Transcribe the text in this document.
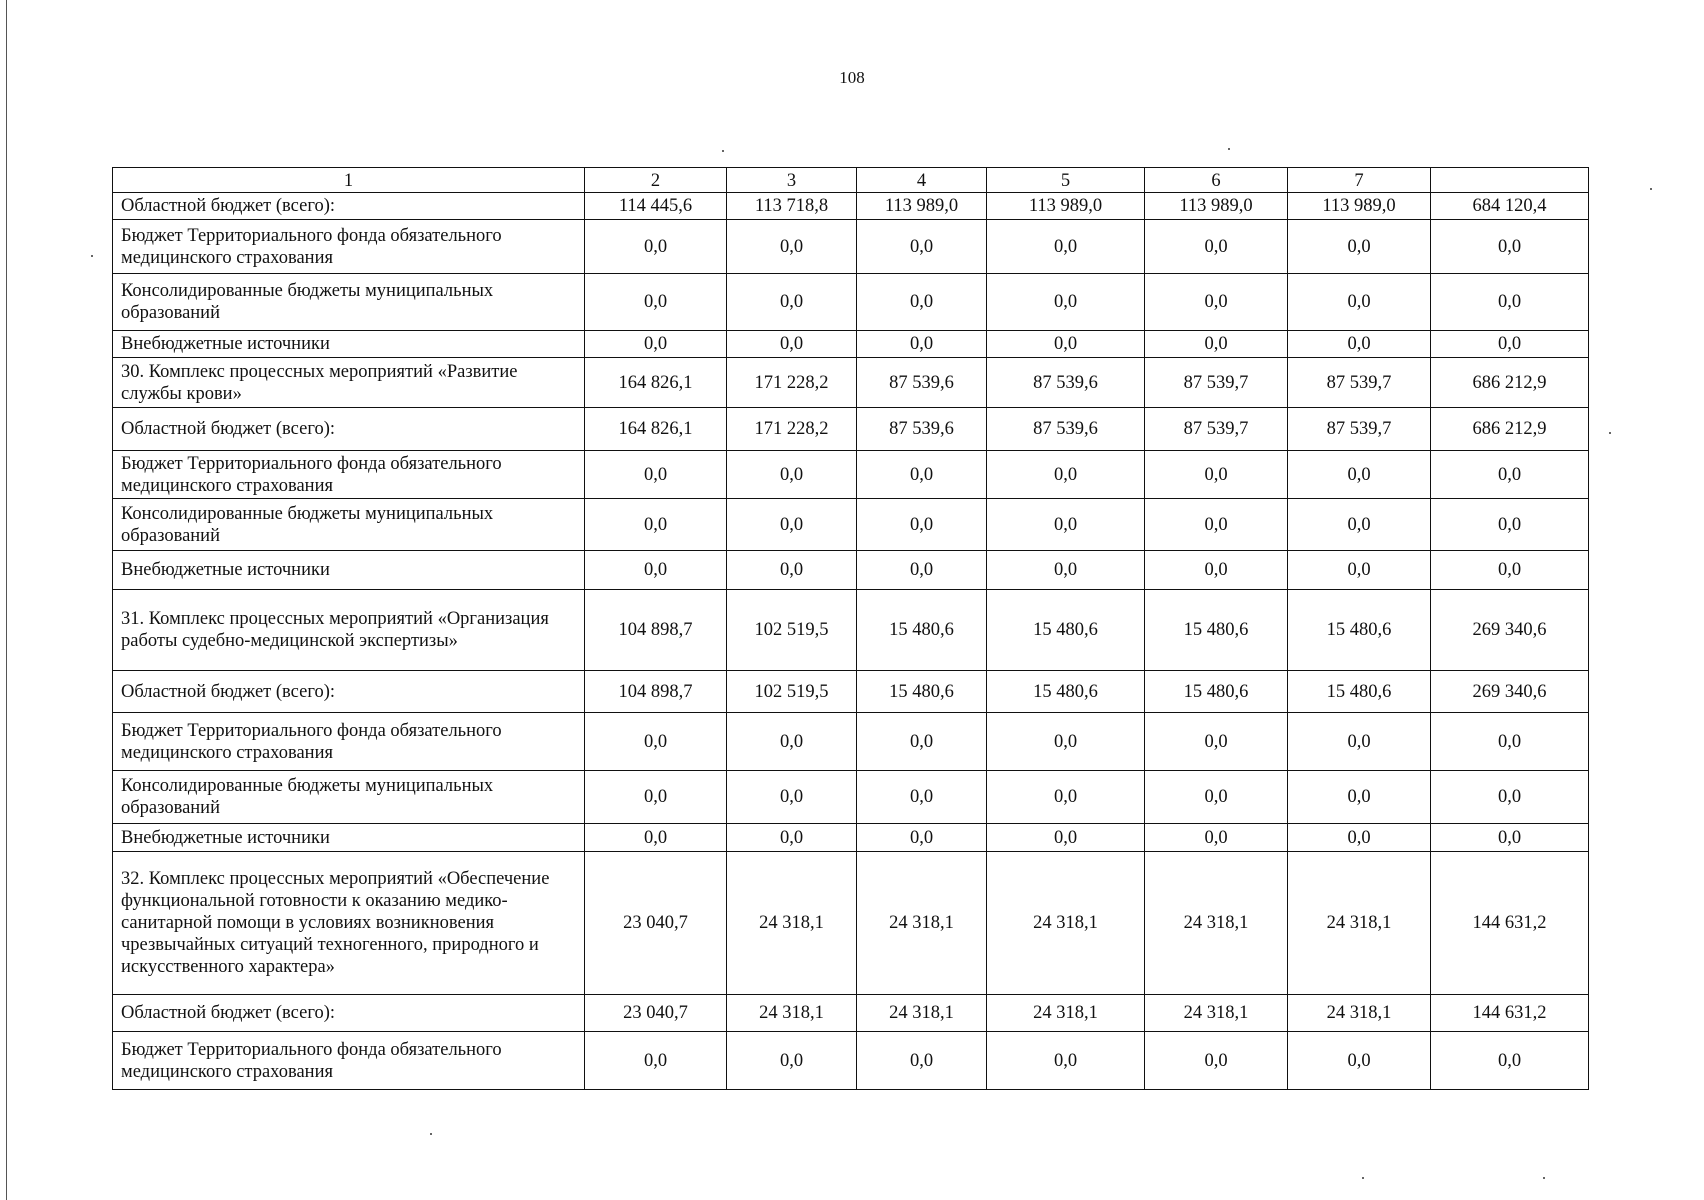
108
1	2	3	4	5	6	7	
Областной бюджет (всего):	114 445,6	113 718,8	113 989,0	113 989,0	113 989,0	113 989,0	684 120,4
Бюджет Территориального фонда обязательного медицинского страхования	0,0	0,0	0,0	0,0	0,0	0,0	0,0
Консолидированные бюджеты муниципальных образований	0,0	0,0	0,0	0,0	0,0	0,0	0,0
Внебюджетные источники	0,0	0,0	0,0	0,0	0,0	0,0	0,0
30. Комплекс процессных мероприятий «Развитие службы крови»	164 826,1	171 228,2	87 539,6	87 539,6	87 539,7	87 539,7	686 212,9
Областной бюджет (всего):	164 826,1	171 228,2	87 539,6	87 539,6	87 539,7	87 539,7	686 212,9
Бюджет Территориального фонда обязательного медицинского страхования	0,0	0,0	0,0	0,0	0,0	0,0	0,0
Консолидированные бюджеты муниципальных образований	0,0	0,0	0,0	0,0	0,0	0,0	0,0
Внебюджетные источники	0,0	0,0	0,0	0,0	0,0	0,0	0,0
31. Комплекс процессных мероприятий «Организация работы судебно-медицинской экспертизы»	104 898,7	102 519,5	15 480,6	15 480,6	15 480,6	15 480,6	269 340,6
Областной бюджет (всего):	104 898,7	102 519,5	15 480,6	15 480,6	15 480,6	15 480,6	269 340,6
Бюджет Территориального фонда обязательного медицинского страхования	0,0	0,0	0,0	0,0	0,0	0,0	0,0
Консолидированные бюджеты муниципальных образований	0,0	0,0	0,0	0,0	0,0	0,0	0,0
Внебюджетные источники	0,0	0,0	0,0	0,0	0,0	0,0	0,0
32. Комплекс процессных мероприятий «Обеспечение функциональной готовности к оказанию медико-санитарной помощи в условиях возникновения чрезвычайных ситуаций техногенного, природного и искусственного характера»	23 040,7	24 318,1	24 318,1	24 318,1	24 318,1	24 318,1	144 631,2
Областной бюджет (всего):	23 040,7	24 318,1	24 318,1	24 318,1	24 318,1	24 318,1	144 631,2
Бюджет Территориального фонда обязательного медицинского страхования	0,0	0,0	0,0	0,0	0,0	0,0	0,0
